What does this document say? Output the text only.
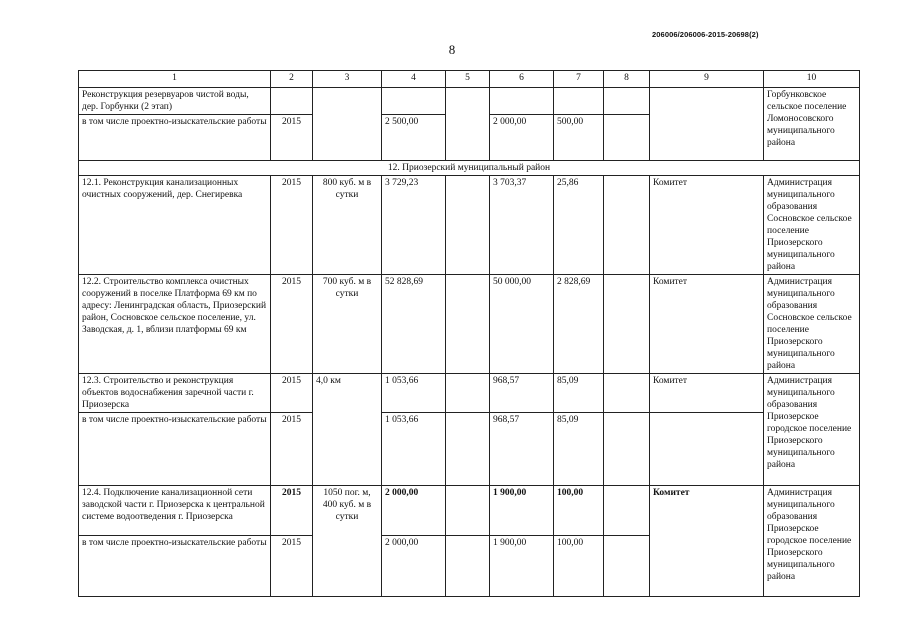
206006/206006-2015-20698(2)
8
1	2	3	4	5	6	7	8	9	10
Реконструкция резервуаров чистой воды, дер. Горбунки (2 этап)									Горбунковское сельское поселение Ломоносовского муниципального района
в том числе проектно-изыскательские работы	2015		2 500,00		2 000,00	500,00			
12. Приозерский муниципальный район									
12.1. Реконструкция канализационных очистных сооружений, дер. Снегиревка	2015	800 куб. м в сутки	3 729,23		3 703,37	25,86		Комитет	Администрация муниципального образования Сосновское сельское поселение Приозерского муниципального района
12.2. Строительство комплекса очистных сооружений в поселке Платформа 69 км по адресу: Ленинградская область, Приозерский район, Сосновское сельское поселение, ул. Заводская, д. 1, вблизи платформы 69 км	2015	700 куб. м в сутки	52 828,69		50 000,00	2 828,69		Комитет	Администрация муниципального образования Сосновское сельское поселение Приозерского муниципального района
12.3. Строительство и реконструкция объектов водоснабжения заречной части г. Приозерска	2015	4,0 км	1 053,66		968,57	85,09		Комитет	Администрация муниципального образования Приозерское городское поселение Приозерского муниципального района
в том числе проектно-изыскательские работы	2015		1 053,66		968,57	85,09			
12.4. Подключение канализационной сети заводской части г. Приозерска к центральной системе водоотведения г. Приозерска	2015	1050 пог. м, 400 куб. м в сутки	2 000,00		1 900,00	100,00		Комитет	Администрация муниципального образования Приозерское городское поселение Приозерского муниципального района
в том числе проектно-изыскательские работы	2015		2 000,00		1 900,00	100,00			
